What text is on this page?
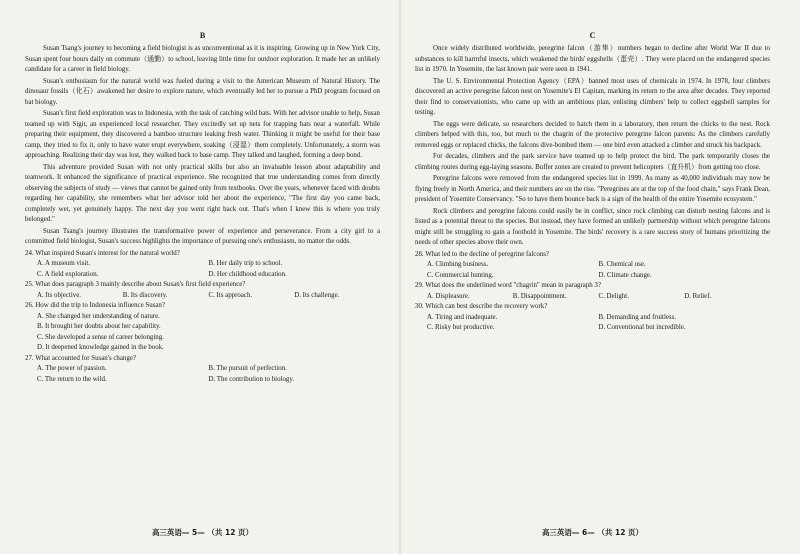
B

Susan Tsang's journey to becoming a field biologist is as unconventional as it is inspiring. Growing up in New York City, Susan spent four hours daily on commute（通勤）to school, leaving little time for outdoor exploration. It made her an unlikely candidate for a career in field biology.

Susan's enthusiasm for the natural world was fueled during a visit to the American Museum of Natural History. The dinosaur fossils（化石）awakened her desire to explore nature, which eventually led her to pursue a PhD program focused on bat biology.

Susan's first field exploration was to Indonesia, with the task of catching wild bats. With her advisor unable to help, Susan teamed up with Sigit, an experienced local researcher. They excitedly set up nets for trapping bats near a waterfall. While preparing their equipment, they discovered a bamboo structure leaking fresh water. Thinking it might be useful for their base camp, they tried to fix it, only to have water erupt everywhere, soaking（浸湿）them completely. Unfortunately, a storm was approaching. Realizing their day was lost, they walked back to base camp. They talked and laughed, forming a deep bond.

This adventure provided Susan with not only practical skills but also an invaluable lesson about adaptability and teamwork. It enhanced the significance of practical experience. She recognized that true understanding comes from directly observing the subjects of study — views that cannot be gained only from textbooks. Over the years, whenever faced with doubts regarding her capability, she remembers what her advisor told her about the experience, "The first day you came back, completely wet, yet genuinely happy. The next day you went right back out. That's when I knew this is where you truly belonged."

Susan Tsang's journey illustrates the transformative power of experience and perseverance. From a city girl to a committed field biologist, Susan's success highlights the importance of pursuing one's enthusiasm, no matter the odds.

24. What inspired Susan's interest for the natural world?

A. A museum visit.	B. Her daily trip to school.
C. A field exploration.	D. Her childhood education.

25. What does paragraph 3 mainly describe about Susan's first field experience?

A. Its objective.	B. Its discovery.	C. Its approach.	D. Its challenge.

26. How did the trip to Indonesia influence Susan?

A. She changed her understanding of nature.
B. It brought her doubts about her capability.
C. She developed a sense of career belonging.
D. It deepened knowledge gained in the book.

27. What accounted for Susan's change?

A. The power of passion.	B. The pursuit of perfection.
C. The return to the wild.	D. The contribution to biology.
C

Once widely distributed worldwide, peregrine falcon（游隼）numbers began to decline after World War II due to substances to kill harmful insects, which weakened the birds' eggshells（蛋壳）. They were placed on the endangered species list in 1970. In Yosemite, the last known pair were seen in 1941.

The U. S. Environmental Protection Agency（EPA）banned most uses of chemicals in 1974. In 1978, four climbers discovered an active peregrine falcon nest on Yosemite's El Capitan, marking its return to the area after decades. They reported their find to conservationists, who came up with an ambitious plan, enlisting climbers' help to collect eggshell samples for testing.

The eggs were delicate, so researchers decided to hatch them in a laboratory, then return the chicks to the nest. Rock climbers helped with this, too, but much to the chagrin of the protective peregrine falcon parents: As the climbers carefully removed eggs or replaced chicks, the falcons dive-bombed them — one bird even attacked a climber and struck his backpack.

For decades, climbers and the park service have teamed up to help protect the bird. The park temporarily closes the climbing routes during egg-laying seasons. Buffer zones are created to prevent helicopters（直升机）from getting too close.

Peregrine falcons were removed from the endangered species list in 1999. As many as 40,000 individuals may now be flying freely in North America, and their numbers are on the rise. "Peregrines are at the top of the food chain," says Frank Dean, president of Yosemite Conservancy. "So to have them bounce back is a sign of the health of the entire Yosemite ecosystem."

Rock climbers and peregrine falcons could easily be in conflict, since rock climbing can disturb nesting falcons and is listed as a potential threat to the species. But instead, they have formed an unlikely partnership without which peregrine falcons might still be struggling to gain a foothold in Yosemite. The birds' recovery is a rare success story of humans prioritizing the needs of other species above their own.

28. What led to the decline of peregrine falcons?

A. Climbing business.	B. Chemical use.
C. Commercial hunting.	D. Climate change.

29. What does the underlined word "chagrin" mean in paragraph 3?

A. Displeasure.	B. Disappointment.	C. Delight.	D. Relief.

30. Which can best describe the recovery work?

A. Tiring and inadequate.	B. Demanding and fruitless.
C. Risky but productive.	D. Conventional but incredible.
高三英语— 5— （共 12 页）	高三英语— 6— （共 12 页）
